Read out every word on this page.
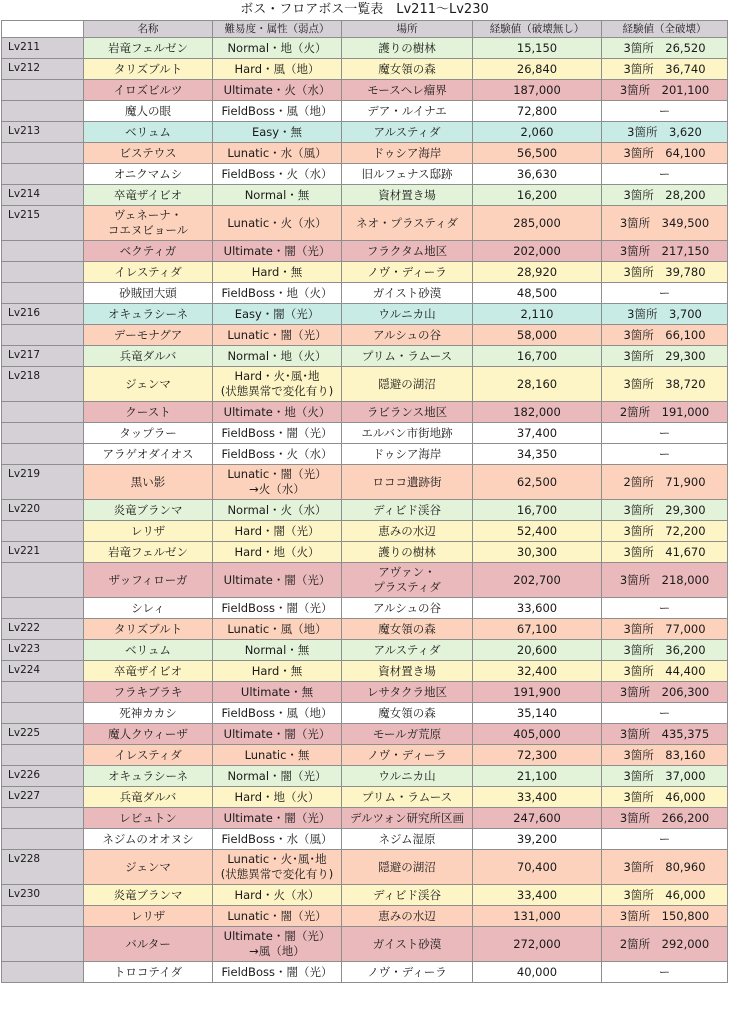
ボス・フロアボス一覧表　Lv211〜Lv230
	名称	難易度・属性（弱点）	場所	経験値（破壊無し）	経験値（全破壊）
Lv211	岩竜フェルゼン	Normal・地（火）	護りの樹林	15,150	3箇所　26,520
Lv212	タリズブルト	Hard・風（地）	魔女領の森	26,840	3箇所　36,740
	イロズビルツ	Ultimate・火（水）	モースヘレ瘤界	187,000	3箇所　201,100
	魔人の眼	FieldBoss・風（地）	デア・ルイナエ	72,800	ー
Lv213	ベリュム	Easy・無	アルスティダ	2,060	3箇所　3,620
	ビステウス	Lunatic・水（風）	ドゥシア海岸	56,500	3箇所　64,100
	オニクマムシ	FieldBoss・火（水）	旧ルフェナス邸跡	36,630	ー
Lv214	卒竜ザイビオ	Normal・無	資材置き場	16,200	3箇所　28,200
Lv215	ヴェネーナ・
コエヌビョール	Lunatic・火（水）	ネオ・プラスティダ	285,000	3箇所　349,500
	ベクティガ	Ultimate・闇（光）	フラクタム地区	202,000	3箇所　217,150
	イレスティダ	Hard・無	ノヴ・ディーラ	28,920	3箇所　39,780
	砂賊団大頭	FieldBoss・地（火）	ガイスト砂漠	48,500	ー
Lv216	オキュラシーネ	Easy・闇（光）	ウルニカ山	2,110	3箇所　3,700
	デーモナグア	Lunatic・闇（光）	アルシュの谷	58,000	3箇所　66,100
Lv217	兵竜ダルバ	Normal・地（火）	プリム・ラムース	16,700	3箇所　29,300
Lv218	ジェンマ	Hard・火･風･地
(状態異常で変化有り)	隠避の湖沼	28,160	3箇所　38,720
	クースト	Ultimate・地（火）	ラビランス地区	182,000	2箇所　191,000
	タップラー	FieldBoss・闇（光）	エルバン市街地跡	37,400	ー
	アラゲオダイオス	FieldBoss・火（水）	ドゥシア海岸	34,350	ー
Lv219	黒い影	Lunatic・闇（光）
→火（水）	ロココ遺跡街	62,500	2箇所　71,900
Lv220	炎竜ブランマ	Normal・火（水）	ディビド渓谷	16,700	3箇所　29,300
	レリザ	Hard・闇（光）	恵みの水辺	52,400	3箇所　72,200
Lv221	岩竜フェルゼン	Hard・地（火）	護りの樹林	30,300	3箇所　41,670
	ザッフィローガ	Ultimate・闇（光）	アヴァン・
プラスティダ	202,700	3箇所　218,000
	シレィ	FieldBoss・闇（光）	アルシュの谷	33,600	ー
Lv222	タリズブルト	Lunatic・風（地）	魔女領の森	67,100	3箇所　77,000
Lv223	ベリュム	Normal・無	アルスティダ	20,600	3箇所　36,200
Lv224	卒竜ザイビオ	Hard・無	資材置き場	32,400	3箇所　44,400
	フラキブラキ	Ultimate・無	レサタクラ地区	191,900	3箇所　206,300
	死神カカシ	FieldBoss・風（地）	魔女領の森	35,140	ー
Lv225	魔人クウィーザ	Ultimate・闇（光）	モールガ荒原	405,000	3箇所　435,375
	イレスティダ	Lunatic・無	ノヴ・ディーラ	72,300	3箇所　83,160
Lv226	オキュラシーネ	Normal・闇（光）	ウルニカ山	21,100	3箇所　37,000
Lv227	兵竜ダルバ	Hard・地（火）	プリム・ラムース	33,400	3箇所　46,000
	レビュトン	Ultimate・闇（光）	デルツォン研究所区画	247,600	3箇所　266,200
	ネジムのオオヌシ	FieldBoss・水（風）	ネジム湿原	39,200	ー
Lv228	ジェンマ	Lunatic・火･風･地
(状態異常で変化有り)	隠避の湖沼	70,400	3箇所　80,960
Lv230	炎竜ブランマ	Hard・火（水）	ディビド渓谷	33,400	3箇所　46,000
	レリザ	Lunatic・闇（光）	恵みの水辺	131,000	3箇所　150,800
	バルター	Ultimate・闇（光）
→風（地）	ガイスト砂漠	272,000	2箇所　292,000
	トロコテイダ	FieldBoss・闇（光）	ノヴ・ディーラ	40,000	ー
